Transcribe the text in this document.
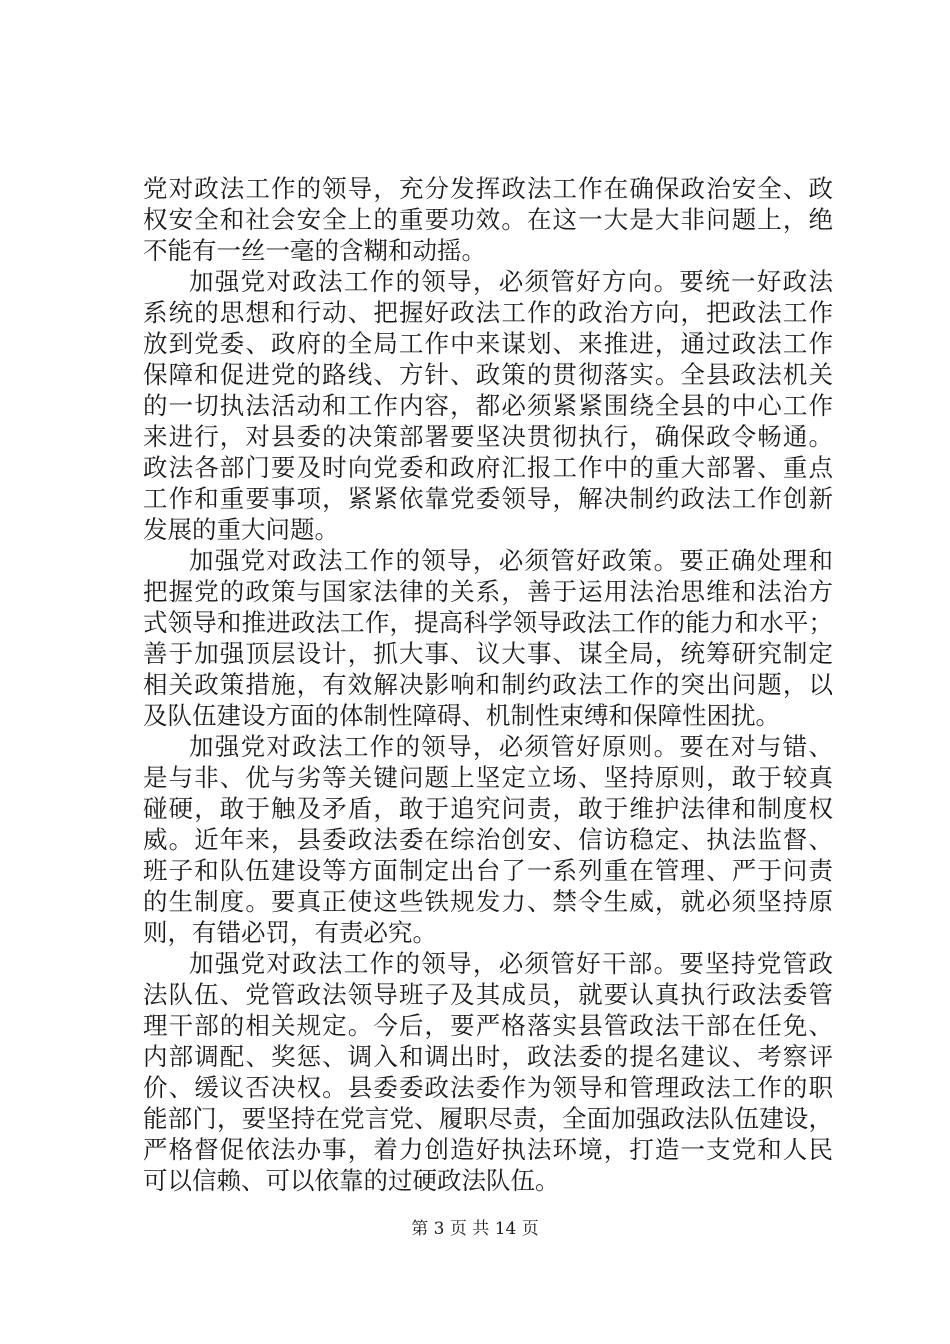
党对政法工作的领导，充分发挥政法工作在确保政治安全、政
权安全和社会安全上的重要功效。在这一大是大非问题上，绝
不能有一丝一毫的含糊和动摇。
加强党对政法工作的领导，必须管好方向。要统一好政法
系统的思想和行动、把握好政法工作的政治方向，把政法工作
放到党委、政府的全局工作中来谋划、来推进，通过政法工作
保障和促进党的路线、方针、政策的贯彻落实。全县政法机关
的一切执法活动和工作内容，都必须紧紧围绕全县的中心工作
来进行，对县委的决策部署要坚决贯彻执行，确保政令畅通。
政法各部门要及时向党委和政府汇报工作中的重大部署、重点
工作和重要事项，紧紧依靠党委领导，解决制约政法工作创新
发展的重大问题。
加强党对政法工作的领导，必须管好政策。要正确处理和
把握党的政策与国家法律的关系，善于运用法治思维和法治方
式领导和推进政法工作，提高科学领导政法工作的能力和水平；
善于加强顶层设计，抓大事、议大事、谋全局，统筹研究制定
相关政策措施，有效解决影响和制约政法工作的突出问题，以
及队伍建设方面的体制性障碍、机制性束缚和保障性困扰。
加强党对政法工作的领导，必须管好原则。要在对与错、
是与非、优与劣等关键问题上坚定立场、坚持原则，敢于较真
碰硬，敢于触及矛盾，敢于追究问责，敢于维护法律和制度权
威。近年来，县委政法委在综治创安、信访稳定、执法监督、
班子和队伍建设等方面制定出台了一系列重在管理、严于问责
的生制度。要真正使这些铁规发力、禁令生威，就必须坚持原
则，有错必罚，有责必究。
加强党对政法工作的领导，必须管好干部。要坚持党管政
法队伍、党管政法领导班子及其成员，就要认真执行政法委管
理干部的相关规定。今后，要严格落实县管政法干部在任免、
内部调配、奖惩、调入和调出时，政法委的提名建议、考察评
价、缓议否决权。县委委政法委作为领导和管理政法工作的职
能部门，要坚持在党言党、履职尽责，全面加强政法队伍建设，
严格督促依法办事，着力创造好执法环境，打造一支党和人民
可以信赖、可以依靠的过硬政法队伍。
第 3 页 共 14 页
